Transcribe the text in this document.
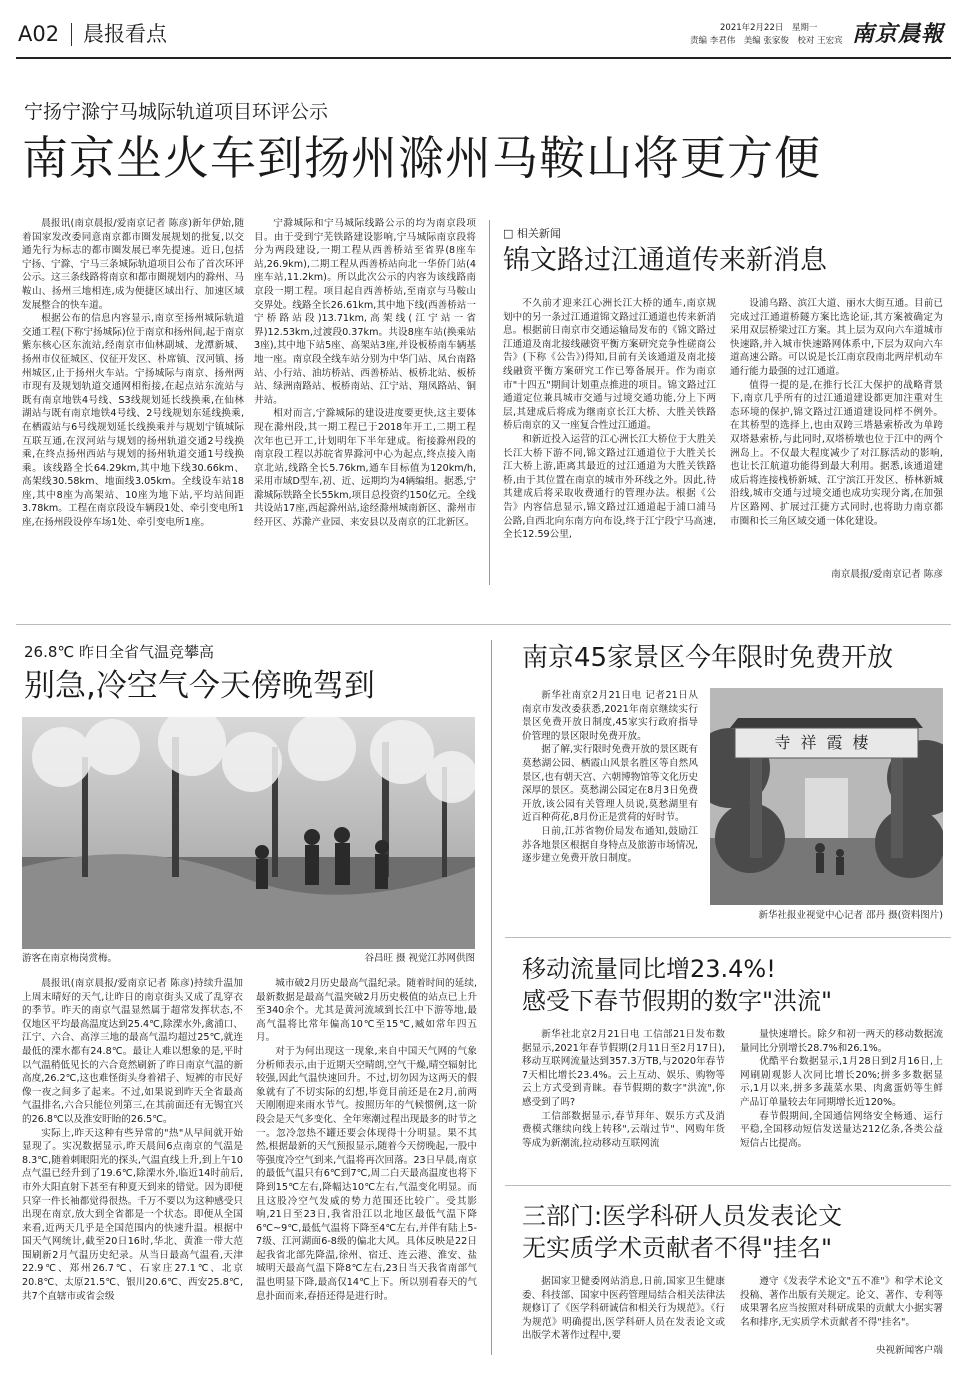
A02 晨报看点	2021年2月22日　星期一
责编 李君伟　美编 张家俊　校对 王宏宾 南京晨報
宁扬宁滁宁马城际轨道项目环评公示
南京坐火车到扬州滁州马鞍山将更方便

晨报讯(南京晨报/爱南京记者 陈彦)新年伊始,随着国家发改委同意南京都市圈发展规划的批复,以交通先行为标志的都市圈发展已率先提速。近日,包括宁扬、宁滁、宁马三条城际轨道项目公布了首次环评公示。这三条线路将南京和都市圈规划内的滁州、马鞍山、扬州三地相连,成为便捷区域出行、加速区域发展整合的快车道。

根据公布的信息内容显示,南京至扬州城际轨道交通工程(下称宁扬城际)位于南京和扬州间,起于南京紫东核心区东流站,经南京市仙林副城、龙潭新城、扬州市仪征城区、仪征开发区、朴席镇、汊河镇、扬州城区,止于扬州火车站。宁扬城际与南京、扬州两市现有及规划轨道交通网相衔接,在起点站东流站与既有南京地铁4号线、S3线规划延长线换乘,在仙林湖站与既有南京地铁4号线、2号线规划东延线换乘,在栖霞站与6号线规划延长线换乘并与规划宁镇城际互联互通,在汊河站与规划的扬州轨道交通2号线换乘,在终点扬州西站与规划的扬州轨道交通1号线换乘。该线路全长64.29km,其中地下线30.66km、高架线30.58km、地面线3.05km。全线设车站18座,其中8座为高架站、10座为地下站,平均站间距3.78km。工程在南京段设车辆段1处、牵引变电所1座,在扬州段设停车场1处、牵引变电所1座。

宁滁城际和宁马城际线路公示的均为南京段项目。由于受到宁芜铁路建设影响,宁马城际南京段将分为两段建设,一期工程从西善桥站至省界(8座车站,26.9km),二期工程从西善桥站向北一华侨门站(4座车站,11.2km)。所以此次公示的内容为该线路南京段一期工程。项目起自西善桥站,至南京与马鞍山交界处。线路全长26.61km,其中地下线(西善桥站一宁桥路站段)13.71km,高架线(江宁站一省界)12.53km,过渡段0.37km。共设8座车站(换乘站3座),其中地下站5座、高架站3座,并设板桥南车辆基地一座。南京段全线车站分别为中华门站、凤台南路站、小行站、油坊桥站、西善桥站、板桥北站、板桥站、绿洲南路站、板桥南站、江宁站、翔凤路站、铜井站。

相对而言,宁滁城际的建设进度要更快,这主要体现在滁州段,其一期工程已于2018年开工,二期工程次年也已开工,计划明年下半年建成。衔接滁州段的南京段工程以苏皖省界滁河中心为起点,终点接入南京北站,线路全长5.76km,通车目标值为120km/h,采用市域D型车,初、近、远期均为4辆编组。据悉,宁滁城际铁路全长55km,项目总投资约150亿元。全线共设站17座,西起滁州站,途经滁州城南新区、滁州市经开区、苏滁产业园、来安县以及南京的江北新区。

□ 相关新闻
锦文路过江通道传来新消息

不久前才迎来江心洲长江大桥的通车,南京规划中的另一条过江通道锦文路过江通道也传来新消息。根据前日南京市交通运输局发布的《锦文路过江通道及南北接线融资平衡方案研究竞争性磋商公告》(下称《公告》)得知,目前有关该通道及南北接线融资平衡方案研究工作已筹备展开。作为南京市"十四五"期间计划重点推进的项目。锦文路过江通道定位兼具城市交通与过境交通功能,分上下两层,其建成后将成为继南京长江大桥、大胜关铁路桥后南京的又一座复合性过江通道。

和新近投入运营的江心洲长江大桥位于大胜关长江大桥下游不同,锦文路过江通道位于大胜关长江大桥上游,距离其最近的过江通道为大胜关铁路桥,由于其位置在南京的城市外环线之外。因此,待其建成后将采取收费通行的管理办法。根据《公告》内容信息显示,锦文路过江通道起于浦口浦马公路,自西北向东南方向布设,终于江宁段宁马高速,全长12.59公里,

设浦乌路、滨江大道、丽水大街互通。目前已完成过江通道桥隧方案比选论证,其方案被确定为采用双层桥梁过江方案。其上层为双向六车道城市快速路,并入城市快速路网体系中,下层为双向六车道高速公路。可以说是长江南京段南北两岸机动车通行能力最强的过江通道。

值得一提的是,在推行长江大保护的战略背景下,南京几乎所有的过江通道建设都更加注重对生态环境的保护,锦文路过江通道建设同样不例外。在其桥型的选择上,也由双跨三塔悬索桥改为单跨双塔悬索桥,与此同时,双塔桥墩也位于江中的两个洲岛上。不仅最大程度减少了对江豚活动的影响,也让长江航道功能得到最大利用。据悉,该通道建成后将连接栈桥新城、江宁滨江开发区、桥林新城沿线,城市交通与过境交通也成功实现分离,在加强片区路网、扩展过江捷方式同时,也将助力南京都市圈和长三角区域交通一体化建设。

南京晨报/爱南京记者 陈彦
26.8℃ 昨日全省气温竞攀高
别急,冷空气今天傍晚驾到
游客在南京梅岗赏梅。	谷昌旺 摄 视觉江苏网供图

晨报讯(南京晨报/爱南京记者 陈彦)持续升温加上周末晴好的天气,让昨日的南京街头又成了乱穿衣的季节。昨天的南京气温显然属于超常发挥状态,不仅地区平均最高温度达到25.4℃,除溧水外,禽浦口、江宁、六合、高淳三地的最高气温均超过25℃,就连最低的溧水都有24.8℃。最让人难以想象的是,平时以气温稍低见长的六合竟然刷新了昨日南京气温的新高度,26.2℃,这也难怪街头身着裙子、短裤的市民好像一夜之间多了起来。不过,如果说到昨天全省最高气温排名,六合只能位列第三,在其前面还有无锡宜兴的26.8℃以及淮安盱眙的26.5℃。

实际上,昨天这种有些异常的"热"从早间就开始显现了。实况数据显示,昨天晨间6点南京的气温是8.3℃,随着刺眼阳光的探头,气温直线上升,到上午10点气温已经升到了19.6℃,除溧水外,临近14时前后,市外大阳直射下甚至有种夏天到来的错觉。因为即便只穿一件长袖都觉得很热。千万不要以为这种感受只出现在南京,放大到全省都是一个状态。即便从全国来看,近两天几乎是全国范围内的快速升温。根据中国天气网统计,截至20日16时,华北、黄淮一带大范围刷新2月气温历史纪录。从当日最高气温看,天津22.9℃、郑州26.7℃、石家庄27.1℃、北京20.8℃、太原21.5℃、银川20.6℃、西安25.8℃,共7个直辖市或省会级

城市破2月历史最高气温纪录。随着时间的延续,最新数据是最高气温突破2月历史极值的站点已上升至340余个。尤其是黄河流域到长江中下游等地,最高气温将比常年偏高10℃至15℃,臧如常年四五月。

对于为何出现这一现象,来自中国天气网的气象分析师表示,由于近期天空晴朗,空气干燥,晴空辐射比较强,因此气温快速回升。不过,切勿因为这两天的假象就有了不切实际的幻想,毕竟目前还是在2月,前两天刚刚迎来雨水节气。按照历年的气候惯例,这一阶段会是天气多变化、全年寒潮过程出现最多的时节之一。忽冷忽热不罐还要会体现得十分明显。果不其然,根据最新的天气预报显示,随着今天傍晚起,一股中等强度冷空气到来,气温将再次回落。23日早晨,南京的最低气温只有6℃到7℃,周二白天最高温度也将下降到15℃左右,降幅达10℃左右,气温变化明显。而且这股冷空气发威的势力范围还比较广。受其影响,21日至23日,我省沿江以北地区最低气温下降6℃~9℃,最低气温将下降至4℃左右,并伴有陆上5-7级、江河湖面6-8级的偏北大风。具体反映是22日起我省北部先降温,徐州、宿迁、连云港、淮安、盐城明天最高气温下降8℃左右,23日当天我省南部气温也明显下降,最高仅14℃上下。所以别看春天的气息扑面而来,春捂还得是进行时。

南京45家景区今年限时免费开放

新华社南京2月21日电 记者21日从南京市发改委获悉,2021年南京继续实行景区免费开放日制度,45家实行政府指导价管理的景区限时免费开放。

据了解,实行限时免费开放的景区既有莫愁湖公园、栖霞山风景名胜区等自然风景区,也有朝天宫、六朝博物馆等文化历史深厚的景区。莫愁湖公园定在8月3日免费开放,该公园有关管理人员说,莫愁湖里有近百种荷花,8月份正是赏荷的好时节。

日前,江苏省物价局发布通知,鼓励江苏各地景区根据自身特点及旅游市场情况,逐步建立免费开放日制度。

寺祥霞棲
新华社报业视觉中心记者 邵丹 摄(资料图片)
移动流量同比增23.4%!
感受下春节假期的数字"洪流"

新华社北京2月21日电 工信部21日发布数据显示,2021年春节假期(2月11日至2月17日),移动互联网流量达到357.3万TB,与2020年春节7天相比增长23.4%。云上互动、娱乐、购物等云上方式受到青睐。春节假期的数字"洪流",你感受到了吗?

工信部数据显示,春节拜年、娱乐方式及消费模式继续向线上转移",云端过节"、网购年货等成为新潮流,拉动移动互联网流

量快速增长。除夕和初一两天的移动数据流量同比分别增长28.7%和26.1%。

优酷平台数据显示,1月28日到2月16日,上网刷剧观影人次同比增长20%;拼多多数据显示,1月以来,拼多多蔬菜水果、肉禽蛋奶等生鲜产品订单量较去年同期增长近120%。

春节假期间,全国通信网络安全畅通、运行平稳,全国移动短信发送量达212亿条,各类公益短信占比提高。

三部门:医学科研人员发表论文
无实质学术贡献者不得"挂名"

据国家卫健委网站消息,日前,国家卫生健康委、科技部、国家中医药管理局结合相关法律法规修订了《医学科研诚信和相关行为规范》。《行为规范》明确提出,医学科研人员在发表论文或出版学术著作过程中,要

遵守《发表学术论文"五不准"》和学术论文投稿、著作出版有关规定。论文、著作、专利等成果署名应当按照对科研成果的贡献大小据实署名和排序,无实质学术贡献者不得"挂名"。

央视新闻客户端
